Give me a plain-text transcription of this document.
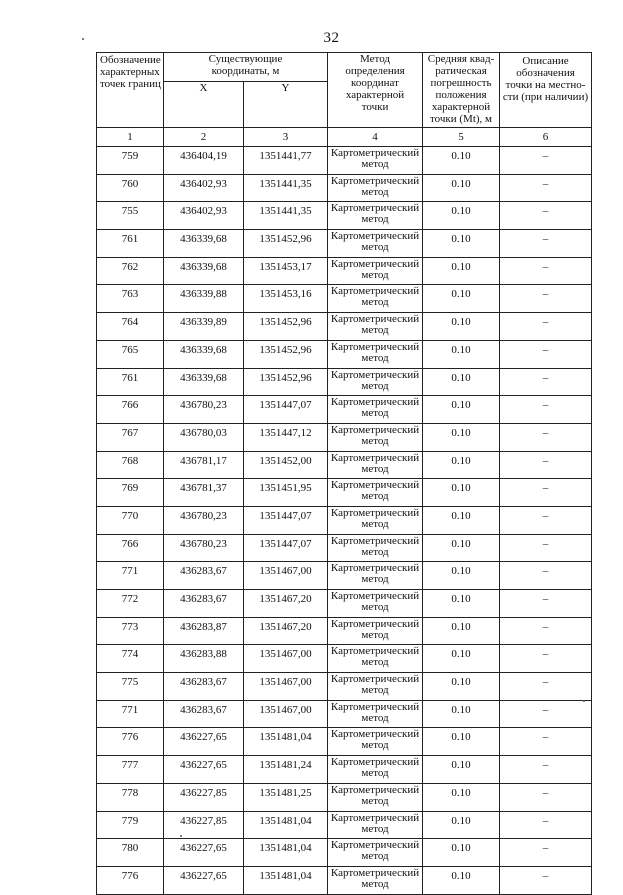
32
Обозначение характерных точек границ	Существующие координаты, м		Метод определения координат характерной точки	Средняя квад-ратическая погрешность положения характерной точки (Mt), м	Описание обозначения точки на местно-сти (при наличии)

	X	Y			
1	2	3	4	5	6
759	436404,19	1351441,77	Картометрический метод	0.10	–
760	436402,93	1351441,35	Картометрический метод	0.10	–
755	436402,93	1351441,35	Картометрический метод	0.10	–
761	436339,68	1351452,96	Картометрический метод	0.10	–
762	436339,68	1351453,17	Картометрический метод	0.10	–
763	436339,88	1351453,16	Картометрический метод	0.10	–
764	436339,89	1351452,96	Картометрический метод	0.10	–
765	436339,68	1351452,96	Картометрический метод	0.10	–
761	436339,68	1351452,96	Картометрический метод	0.10	–
766	436780,23	1351447,07	Картометрический метод	0.10	–
767	436780,03	1351447,12	Картометрический метод	0.10	–
768	436781,17	1351452,00	Картометрический метод	0.10	–
769	436781,37	1351451,95	Картометрический метод	0.10	–
770	436780,23	1351447,07	Картометрический метод	0.10	–
766	436780,23	1351447,07	Картометрический метод	0.10	–
771	436283,67	1351467,00	Картометрический метод	0.10	–
772	436283,67	1351467,20	Картометрический метод	0.10	–
773	436283,87	1351467,20	Картометрический метод	0.10	–
774	436283,88	1351467,00	Картометрический метод	0.10	–
775	436283,67	1351467,00	Картометрический метод	0.10	–
771	436283,67	1351467,00	Картометрический метод	0.10	–
776	436227,65	1351481,04	Картометрический метод	0.10	–
777	436227,65	1351481,24	Картометрический метод	0.10	–
778	436227,85	1351481,25	Картометрический метод	0.10	–
779	436227,85	1351481,04	Картометрический метод	0.10	–
780	436227,65	1351481,04	Картометрический метод	0.10	–
776	436227,65	1351481,04	Картометрический метод	0.10	–
